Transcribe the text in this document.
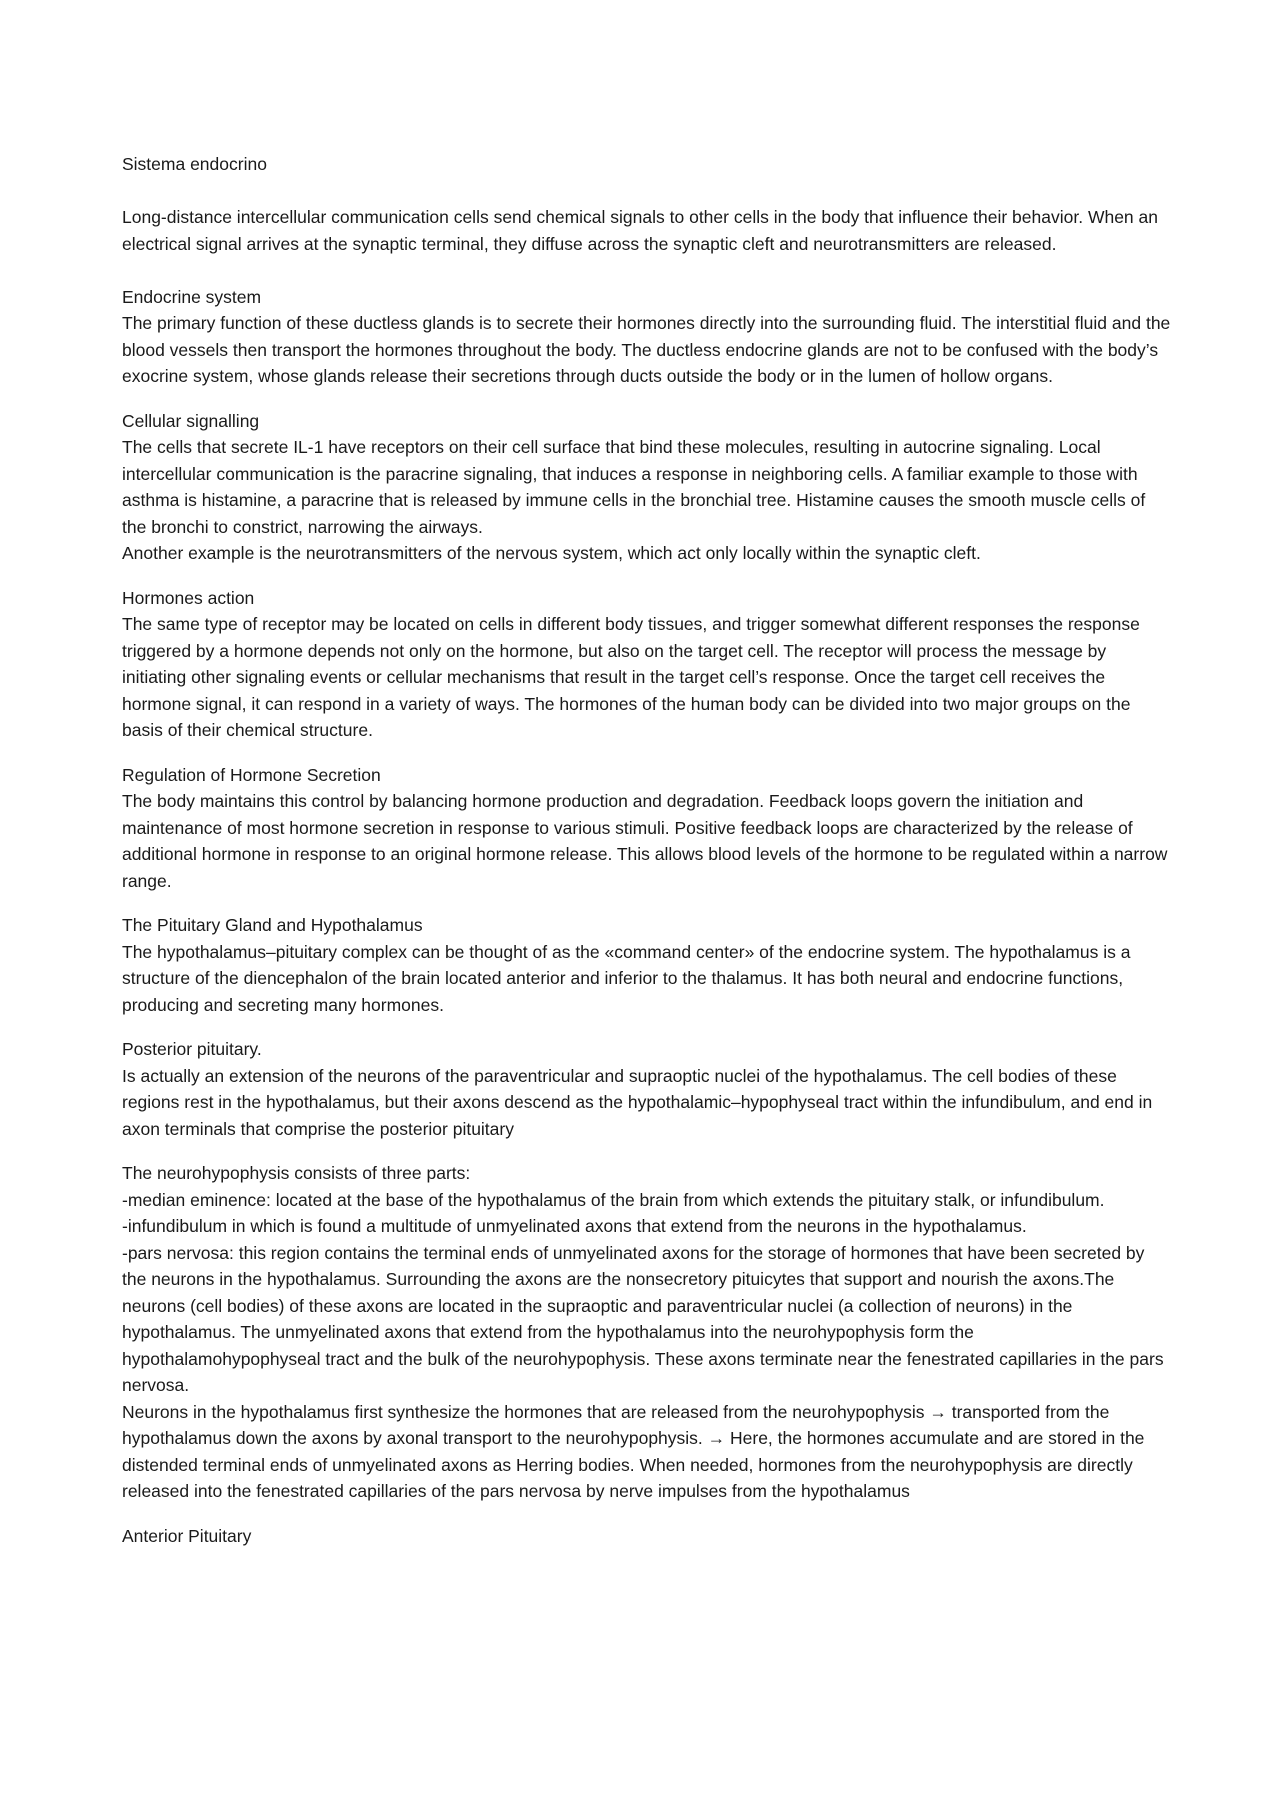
Sistema endocrino

Long-distance intercellular communication cells send chemical signals to other cells in the body that influence their behavior. When an electrical signal arrives at the synaptic terminal, they diffuse across the synaptic cleft and neurotransmitters are released.

Endocrine system

The primary function of these ductless glands is to secrete their hormones directly into the surrounding fluid. The interstitial fluid and the blood vessels then transport the hormones throughout the body. The ductless endocrine glands are not to be confused with the body’s exocrine system, whose glands release their secretions through ducts outside the body or in the lumen of hollow organs.

Cellular signalling

The cells that secrete IL-1 have receptors on their cell surface that bind these molecules, resulting in autocrine signaling. Local intercellular communication is the paracrine signaling, that induces a response in neighboring cells. A familiar example to those with asthma is histamine, a paracrine that is released by immune cells in the bronchial tree. Histamine causes the smooth muscle cells of the bronchi to constrict, narrowing the airways.

Another example is the neurotransmitters of the nervous system, which act only locally within the synaptic cleft.

Hormones action

The same type of receptor may be located on cells in different body tissues, and trigger somewhat different responses the response triggered by a hormone depends not only on the hormone, but also on the target cell. The receptor will process the message by initiating other signaling events or cellular mechanisms that result in the target cell’s response. Once the target cell receives the hormone signal, it can respond in a variety of ways. The hormones of the human body can be divided into two major groups on the basis of their chemical structure.

Regulation of Hormone Secretion

The body maintains this control by balancing hormone production and degradation. Feedback loops govern the initiation and maintenance of most hormone secretion in response to various stimuli. Positive feedback loops are characterized by the release of additional hormone in response to an original hormone release. This allows blood levels of the hormone to be regulated within a narrow range.

The Pituitary Gland and Hypothalamus

The hypothalamus–pituitary complex can be thought of as the «command center» of the endocrine system. The hypothalamus is a structure of the diencephalon of the brain located anterior and inferior to the thalamus. It has both neural and endocrine functions, producing and secreting many hormones.

Posterior pituitary.

Is actually an extension of the neurons of the paraventricular and supraoptic nuclei of the hypothalamus. The cell bodies of these regions rest in the hypothalamus, but their axons descend as the hypothalamic–hypophyseal tract within the infundibulum, and end in axon terminals that comprise the posterior pituitary

The neurohypophysis consists of three parts:

-median eminence: located at the base of the hypothalamus of the brain from which extends the pituitary stalk, or infundibulum.

-infundibulum in which is found a multitude of unmyelinated axons that extend from the neurons in the hypothalamus.

-pars nervosa: this region contains the terminal ends of unmyelinated axons for the storage of hormones that have been secreted by the neurons in the hypothalamus. Surrounding the axons are the nonsecretory pituicytes that support and nourish the axons.The neurons (cell bodies) of these axons are located in the supraoptic and paraventricular nuclei (a collection of neurons) in the hypothalamus. The unmyelinated axons that extend from the hypothalamus into the neurohypophysis form the hypothalamohypophyseal tract and the bulk of the neurohypophysis. These axons terminate near the fenestrated capillaries in the pars nervosa.

Neurons in the hypothalamus first synthesize the hormones that are released from the neurohypophysis → transported from the hypothalamus down the axons by axonal transport to the neurohypophysis. → Here, the hormones accumulate and are stored in the distended terminal ends of unmyelinated axons as Herring bodies. When needed, hormones from the neurohypophysis are directly released into the fenestrated capillaries of the pars nervosa by nerve impulses from the hypothalamus

Anterior Pituitary
